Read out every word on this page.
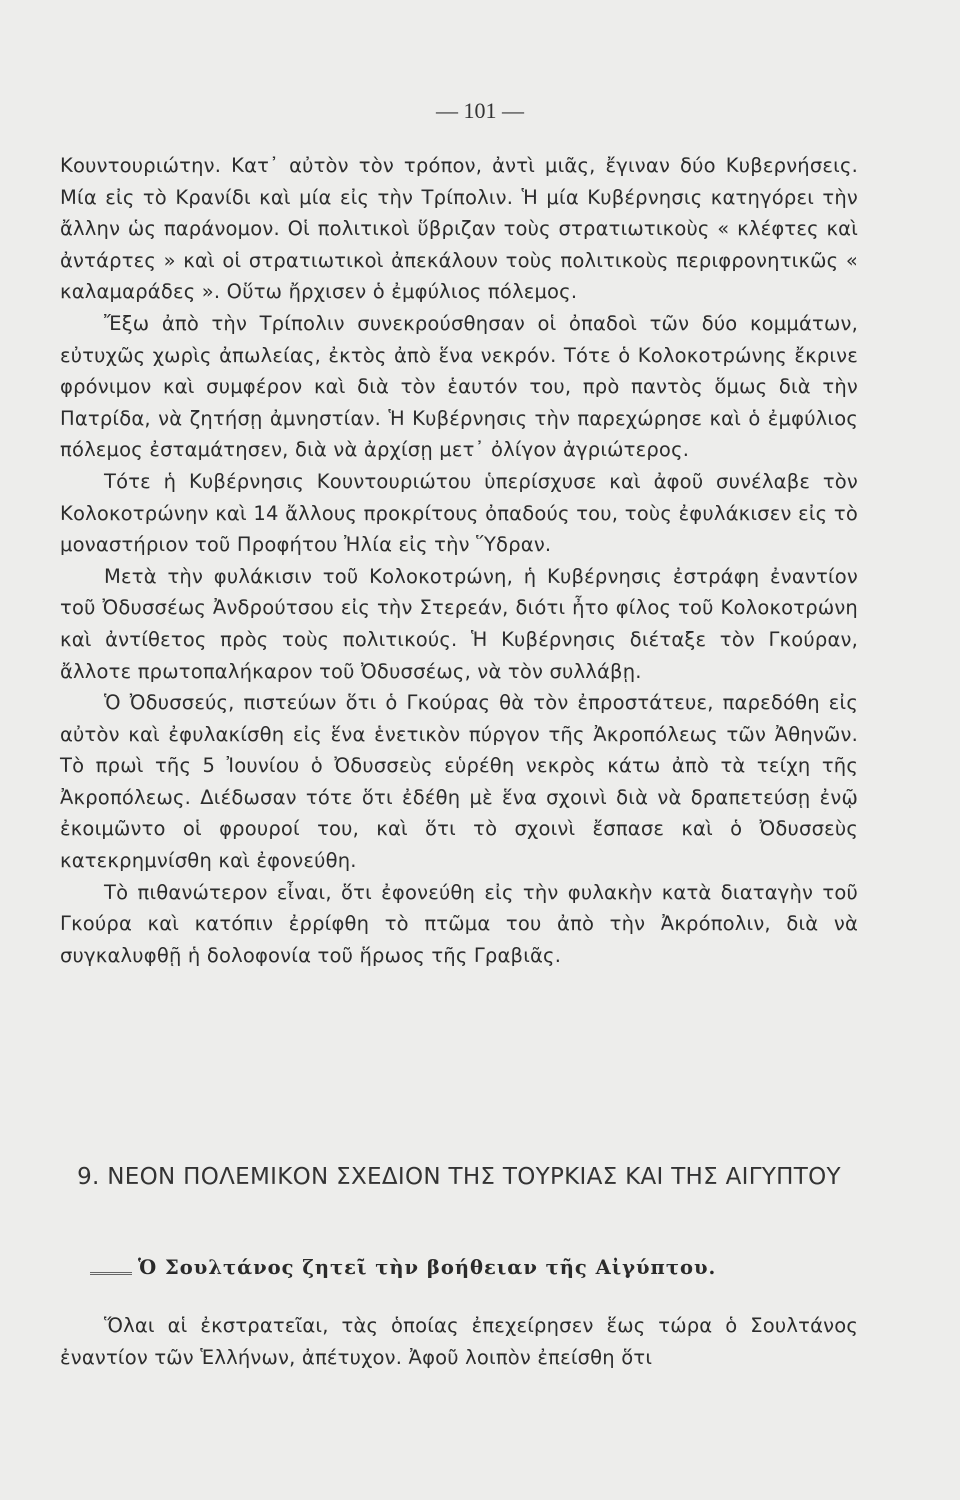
— 101 —

Κουντουριώτην. Κατ᾿ αὐτὸν τὸν τρόπον, ἀντὶ μιᾶς, ἔγιναν δύο Κυβερνήσεις. Μία εἰς τὸ Κρανίδι καὶ μία εἰς τὴν Τρίπολιν. Ἡ μία Κυβέρνησις κατηγόρει τὴν ἄλλην ὡς παράνομον. Οἱ πολιτικοὶ ὕβριζαν τοὺς στρατιωτικοὺς « κλέφτες καὶ ἀντάρτες » καὶ οἱ στρατιωτικοὶ ἀπεκάλουν τοὺς πολιτικοὺς περιφρονητικῶς « καλαμαράδες ». Οὕτω ἤρχισεν ὁ ἐμφύλιος πόλεμος.

Ἔξω ἀπὸ τὴν Τρίπολιν συνεκρούσθησαν οἱ ὀπαδοὶ τῶν δύο κομμάτων, εὐτυχῶς χωρὶς ἀπωλείας, ἐκτὸς ἀπὸ ἕνα νεκρόν. Τότε ὁ Κολοκοτρώνης ἔκρινε φρόνιμον καὶ συμφέρον καὶ διὰ τὸν ἑαυτόν του, πρὸ παντὸς ὅμως διὰ τὴν Πατρίδα, νὰ ζητήσῃ ἀμνηστίαν. Ἡ Κυβέρνησις τὴν παρεχώρησε καὶ ὁ ἐμφύλιος πόλεμος ἐσταμάτησεν, διὰ νὰ ἀρχίσῃ μετ᾿ ὀλίγον ἀγριώτερος.

Τότε ἡ Κυβέρνησις Κουντουριώτου ὑπερίσχυσε καὶ ἀφοῦ συνέλαβε τὸν Κολοκοτρώνην καὶ 14 ἄλλους προκρίτους ὀπαδούς του, τοὺς ἐφυλάκισεν εἰς τὸ μοναστήριον τοῦ Προφήτου Ἠλία εἰς τὴν Ὕδραν.

Μετὰ τὴν φυλάκισιν τοῦ Κολοκοτρώνη, ἡ Κυβέρνησις ἐστράφη ἐναντίον τοῦ Ὀδυσσέως Ἀνδρούτσου εἰς τὴν Στερεάν, διότι ἦτο φίλος τοῦ Κολοκοτρώνη καὶ ἀντίθετος πρὸς τοὺς πολιτικούς. Ἡ Κυβέρνησις διέταξε τὸν Γκούραν, ἄλλοτε πρωτοπαλήκαρον τοῦ Ὀδυσσέως, νὰ τὸν συλλάβῃ.

Ὁ Ὀδυσσεύς, πιστεύων ὅτι ὁ Γκούρας θὰ τὸν ἐπροστάτευε, παρεδόθη εἰς αὐτὸν καὶ ἐφυλακίσθη εἰς ἕνα ἑνετικὸν πύργον τῆς Ἀκροπόλεως τῶν Ἀθηνῶν. Τὸ πρωὶ τῆς 5 Ἰουνίου ὁ Ὀδυσσεὺς εὑρέθη νεκρὸς κάτω ἀπὸ τὰ τείχη τῆς Ἀκροπόλεως. Διέδωσαν τότε ὅτι ἐδέθη μὲ ἕνα σχοινὶ διὰ νὰ δραπετεύσῃ ἐνῷ ἐκοιμῶντο οἱ φρουροί του, καὶ ὅτι τὸ σχοινὶ ἔσπασε καὶ ὁ Ὀδυσσεὺς κατεκρημνίσθη καὶ ἐφονεύθη.

Τὸ πιθανώτερον εἶναι, ὅτι ἐφονεύθη εἰς τὴν φυλακὴν κατὰ διαταγὴν τοῦ Γκούρα καὶ κατόπιν ἐρρίφθη τὸ πτῶμα του ἀπὸ τὴν Ἀκρόπολιν, διὰ νὰ συγκαλυφθῇ ἡ δολοφονία τοῦ ἥρωος τῆς Γραβιᾶς.

9. ΝΕΟΝ ΠΟΛΕΜΙΚΟΝ ΣΧΕΔΙΟΝ ΤΗΣ ΤΟΥΡΚΙΑΣ ΚΑΙ ΤΗΣ ΑΙΓΥΠΤΟΥ
Ὁ Σουλτάνος ζητεῖ τὴν βοήθειαν τῆς Αἰγύπτου.

Ὅλαι αἱ ἐκστρατεῖαι, τὰς ὁποίας ἐπεχείρησεν ἕως τώρα ὁ Σουλτάνος ἐναντίον τῶν Ἑλλήνων, ἀπέτυχον. Ἀφοῦ λοιπὸν ἐπείσθη ὅτι
